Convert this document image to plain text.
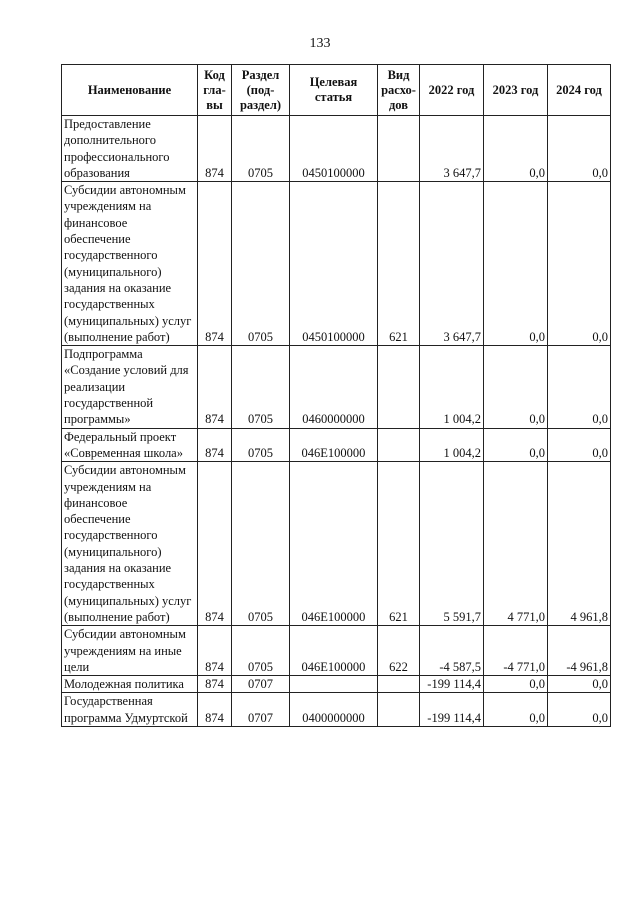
133
Наименование	Код гла-вы	Раздел (под-раздел)	Целевая статья	Вид расхо-дов	2022 год	2023 год	2024 год
Предоставление дополнительного профессионального образования	874	0705	0450100000		3 647,7	0,0	0,0
Субсидии автономным учреждениям на финансовое обеспечение государственного (муниципального) задания на оказание государственных (муниципальных) услуг (выполнение работ)	874	0705	0450100000	621	3 647,7	0,0	0,0
Подпрограмма «Создание условий для реализации государственной программы»	874	0705	0460000000		1 004,2	0,0	0,0
Федеральный проект «Современная школа»	874	0705	046Е100000		1 004,2	0,0	0,0
Субсидии автономным учреждениям на финансовое обеспечение государственного (муниципального) задания на оказание государственных (муниципальных) услуг (выполнение работ)	874	0705	046Е100000	621	5 591,7	4 771,0	4 961,8
Субсидии автономным учреждениям на иные цели	874	0705	046Е100000	622	-4 587,5	-4 771,0	-4 961,8
Молодежная политика	874	0707			-199 114,4	0,0	0,0
Государственная программа Удмуртской	874	0707	0400000000		-199 114,4	0,0	0,0
